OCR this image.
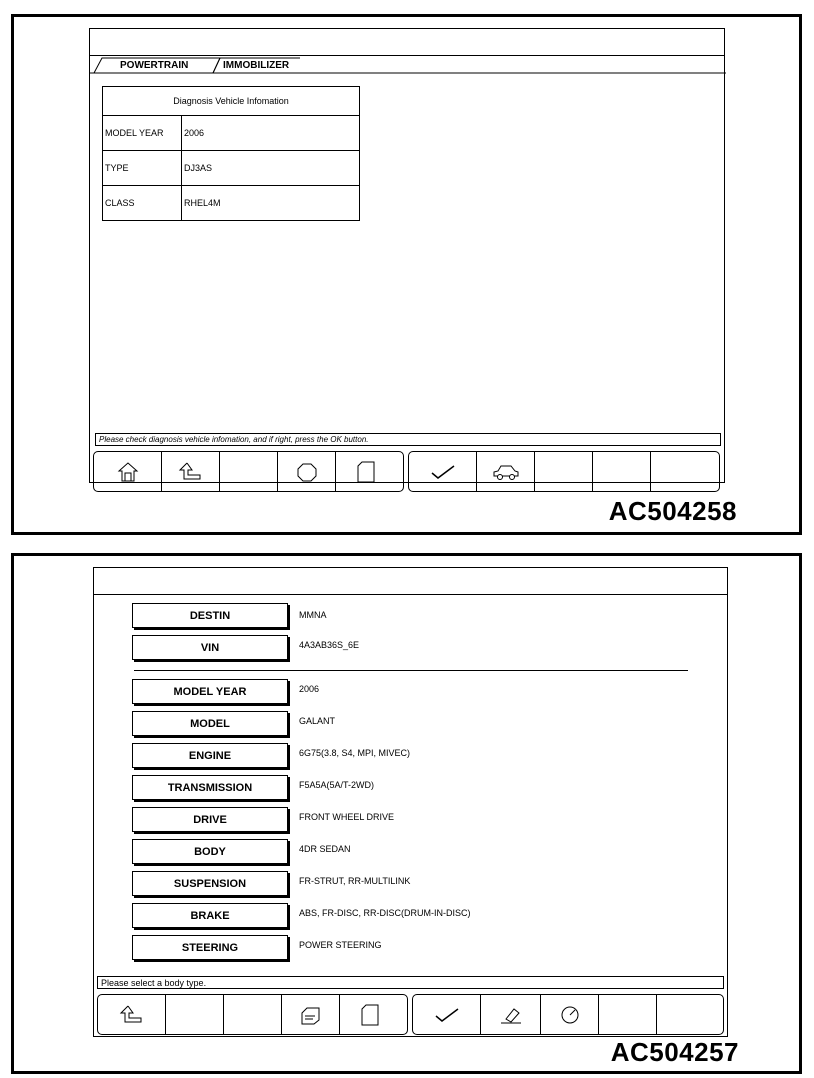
POWERTRAIN	IMMOBILIZER
Diagnosis Vehicle Infomation	
MODEL YEAR	2006
TYPE	DJ3AS
CLASS	RHEL4M
Please check diagnosis vehicle infomation, and if right, press the OK button.
AC504258
DESTIN	MMNA
VIN	4A3AB36S_6E
MODEL YEAR	2006
MODEL	GALANT
ENGINE	6G75(3.8, S4, MPI, MIVEC)
TRANSMISSION	F5A5A(5A/T-2WD)
DRIVE	FRONT WHEEL DRIVE
BODY	4DR SEDAN
SUSPENSION	FR-STRUT, RR-MULTILINK
BRAKE	ABS, FR-DISC, RR-DISC(DRUM-IN-DISC)
STEERING	POWER STEERING
Please select a body type.
AC504257
